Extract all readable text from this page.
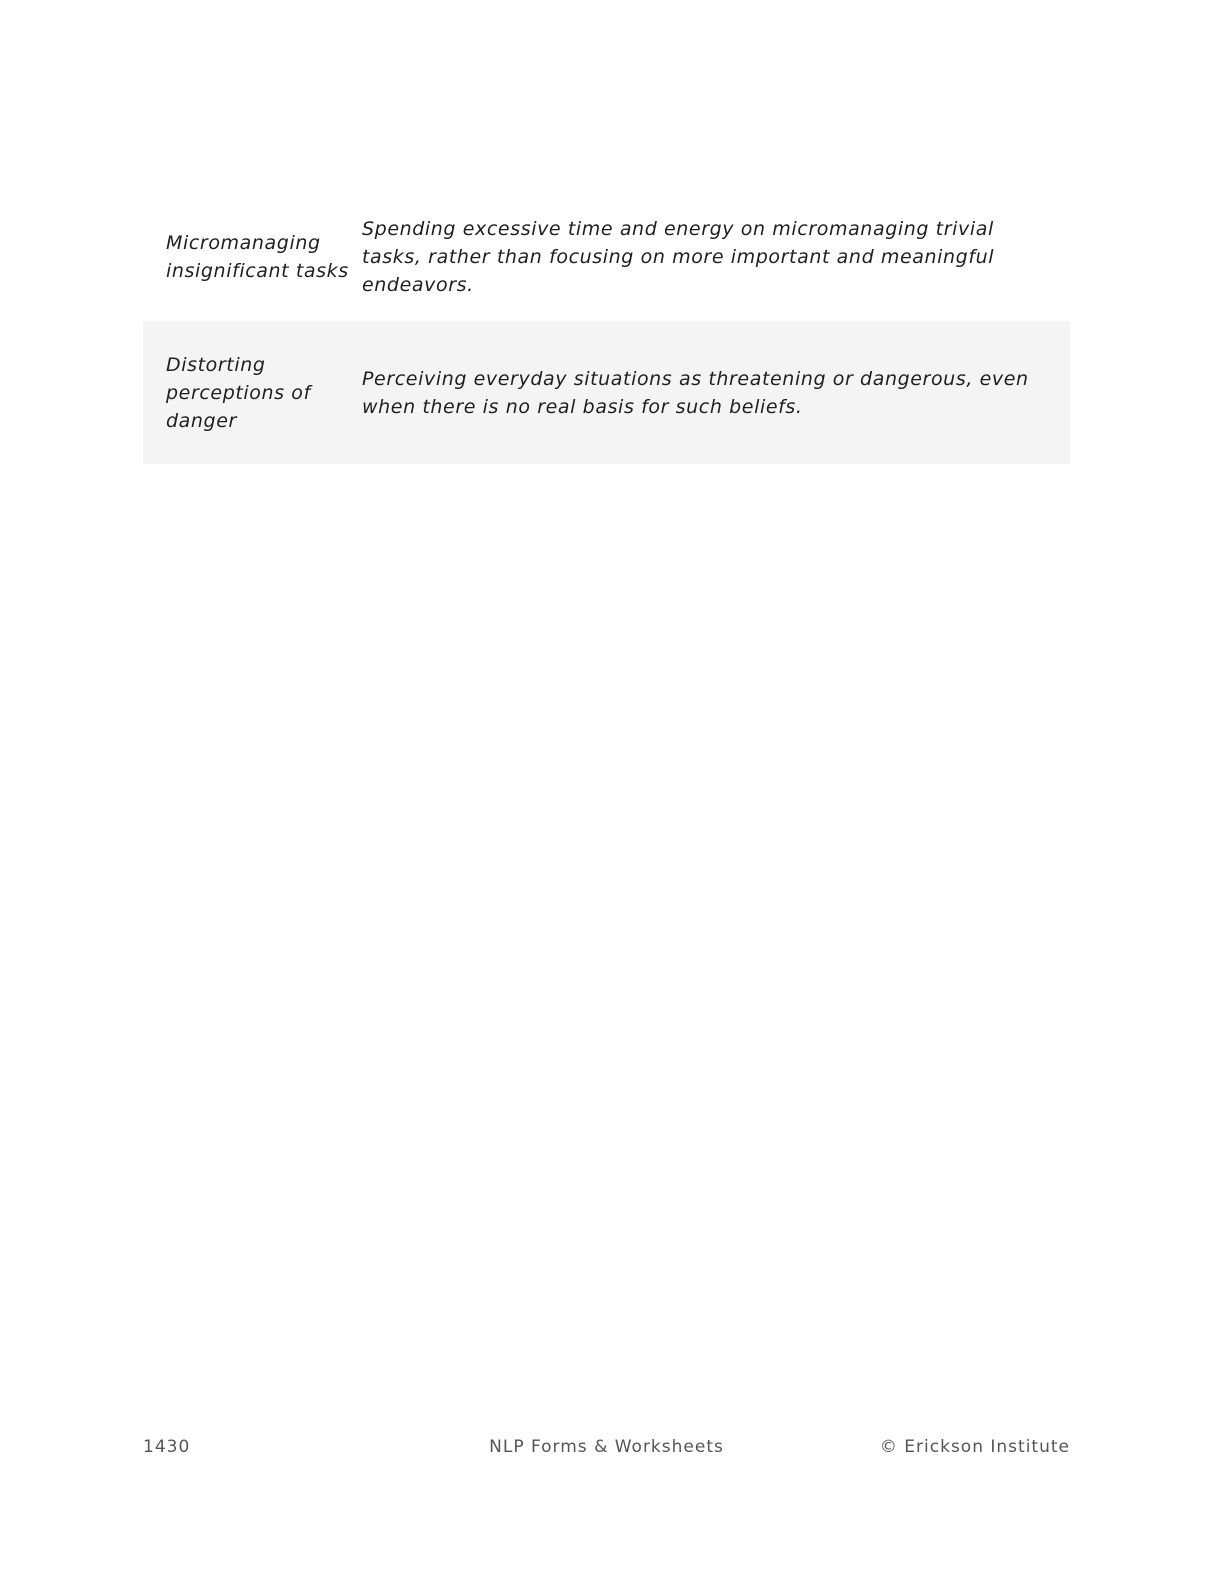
Micromanaging insignificant tasks
Spending excessive time and energy on micromanaging trivial tasks, rather than focusing on more important and meaningful endeavors.
Distorting perceptions of danger
Perceiving everyday situations as threatening or dangerous, even when there is no real basis for such beliefs.
1430	NLP Forms & Worksheets	© Erickson Institute
